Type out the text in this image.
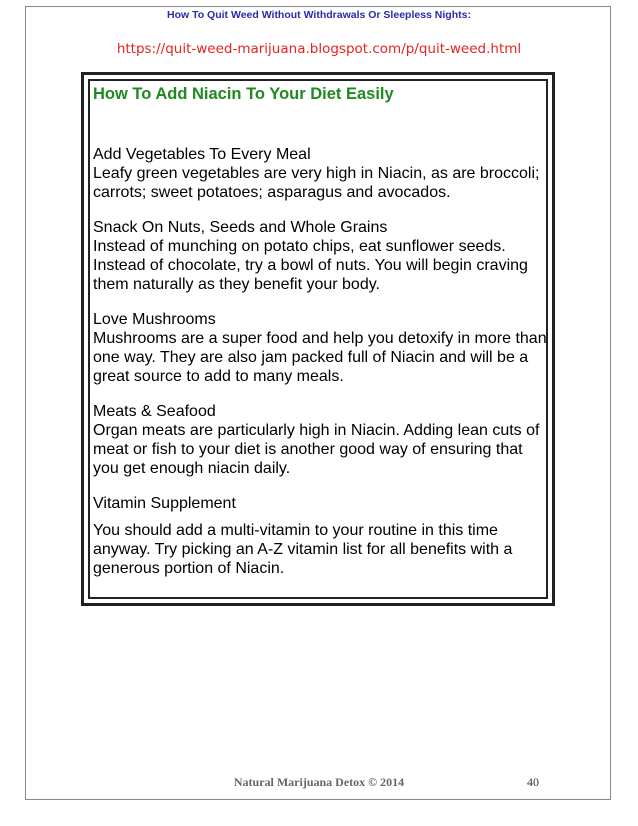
How To Quit Weed Without Withdrawals Or Sleepless Nights:
https://quit-weed-marijuana.blogspot.com/p/quit-weed.html
How To Add Niacin To Your Diet Easily
Add Vegetables To Every Meal
Leafy green vegetables are very high in Niacin, as are broccoli; carrots; sweet potatoes; asparagus and avocados.
Snack On Nuts, Seeds and Whole Grains
Instead of munching on potato chips, eat sunflower seeds. Instead of chocolate, try a bowl of nuts. You will begin craving them naturally as they benefit your body.
Love Mushrooms
Mushrooms are a super food and help you detoxify in more than one way. They are also jam packed full of Niacin and will be a great source to add to many meals.
Meats & Seafood
Organ meats are particularly high in Niacin. Adding lean cuts of meat or fish to your diet is another good way of ensuring that you get enough niacin daily.
Vitamin Supplement
You should add a multi-vitamin to your routine in this time anyway. Try picking an A-Z vitamin list for all benefits with a generous portion of Niacin.
Natural Marijuana Detox © 2014	40
